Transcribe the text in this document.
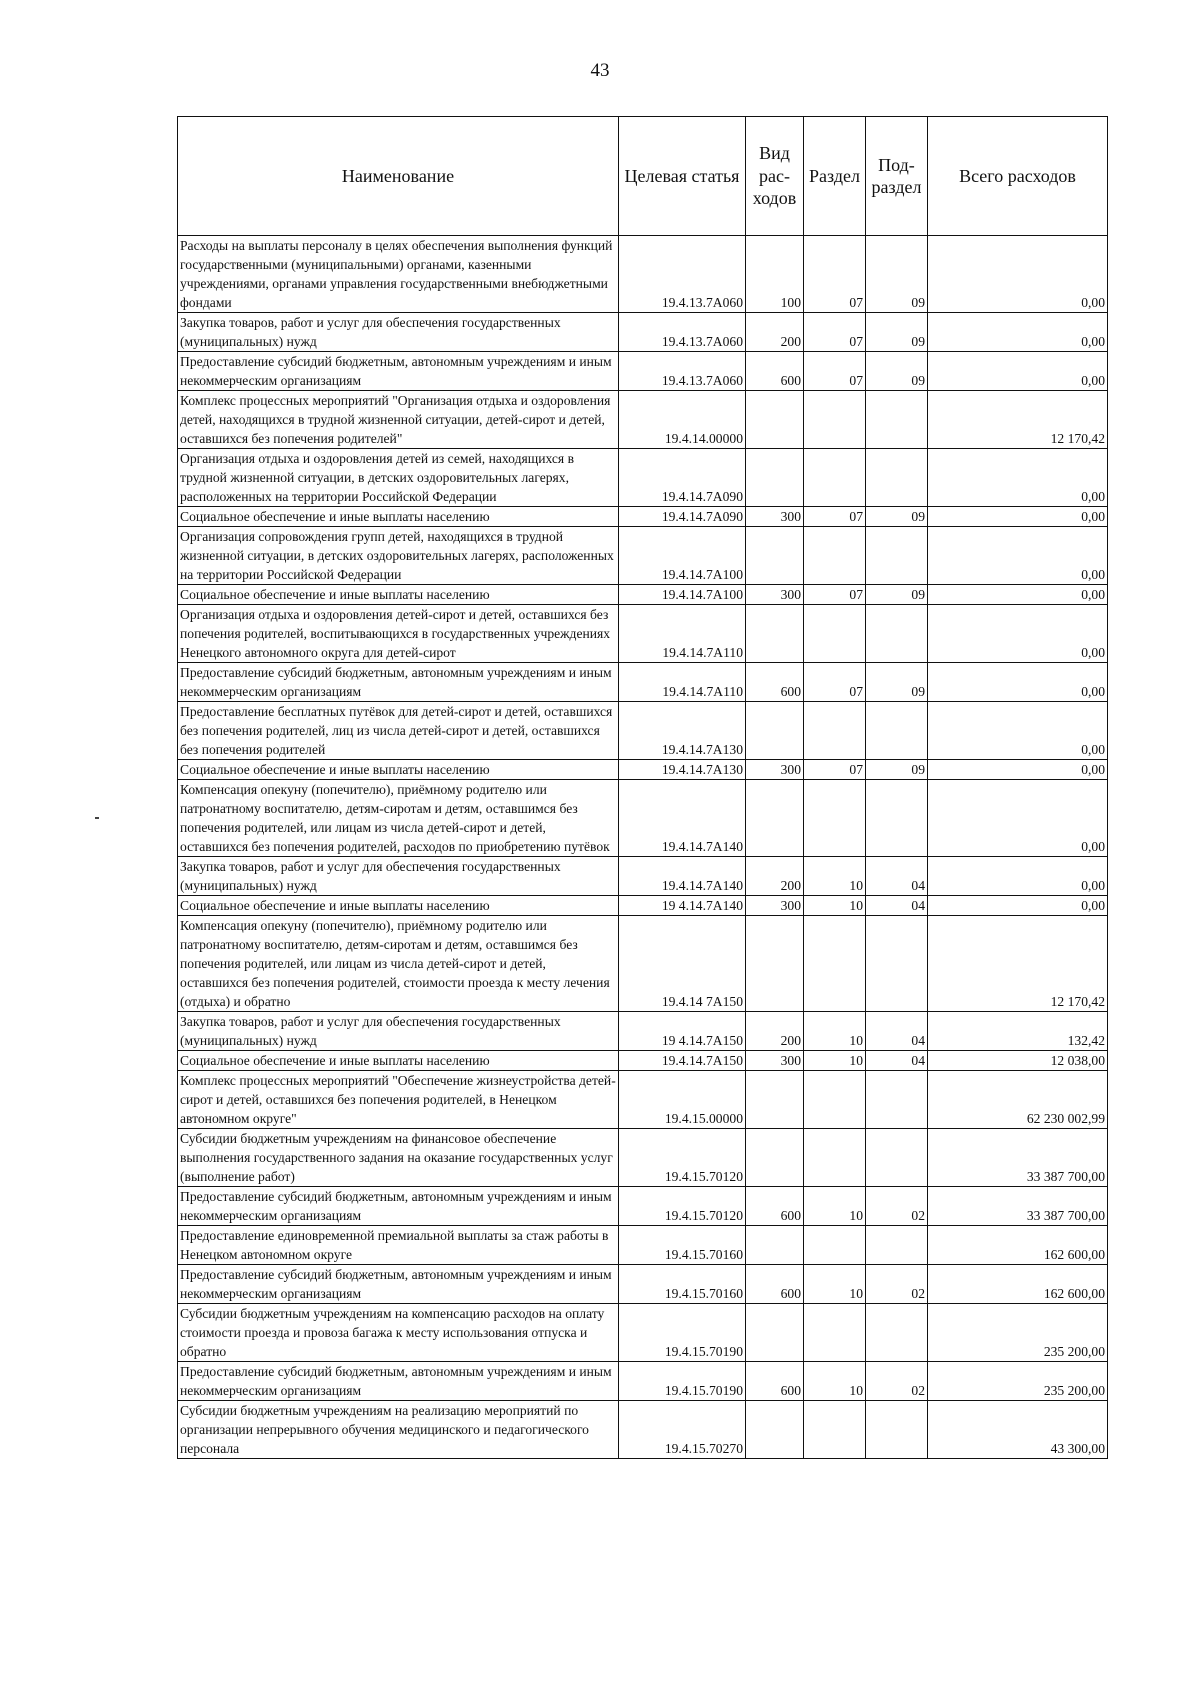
43
Наименование	Целевая статья	Вид рас-ходов	Раздел	Под-раздел	Всего расходов
Расходы на выплаты персоналу в целях обеспечения выполнения функций государственными (муниципальными) органами, казенными учреждениями, органами управления государственными внебюджетными фондами	19.4.13.7А060	100	07	09	0,00
Закупка товаров, работ и услуг для обеспечения государственных (муниципальных) нужд	19.4.13.7А060	200	07	09	0,00
Предоставление субсидий бюджетным, автономным учреждениям и иным некоммерческим организациям	19.4.13.7А060	600	07	09	0,00
Комплекс процессных мероприятий "Организация отдыха и оздоровления детей, находящихся в трудной жизненной ситуации, детей-сирот и детей, оставшихся без попечения родителей"	19.4.14.00000				12 170,42
Организация отдыха и оздоровления детей из семей, находящихся в трудной жизненной ситуации, в детских оздоровительных лагерях, расположенных на территории Российской Федерации	19.4.14.7А090				0,00
Социальное обеспечение и иные выплаты населению	19.4.14.7А090	300	07	09	0,00
Организация сопровождения групп детей, находящихся в трудной жизненной ситуации, в детских оздоровительных лагерях, расположенных на территории Российской Федерации	19.4.14.7А100				0,00
Социальное обеспечение и иные выплаты населению	19.4.14.7А100	300	07	09	0,00
Организация отдыха и оздоровления детей-сирот и детей, оставшихся без попечения родителей, воспитывающихся в государственных учреждениях Ненецкого автономного округа для детей-сирот	19.4.14.7А110				0,00
Предоставление субсидий бюджетным, автономным учреждениям и иным некоммерческим организациям	19.4.14.7А110	600	07	09	0,00
Предоставление бесплатных путёвок для детей-сирот и детей, оставшихся без попечения родителей, лиц из числа детей-сирот и детей, оставшихся без попечения родителей	19.4.14.7А130				0,00
Социальное обеспечение и иные выплаты населению	19.4.14.7А130	300	07	09	0,00
Компенсация опекуну (попечителю), приёмному родителю или патронатному воспитателю, детям-сиротам и детям, оставшимся без попечения родителей, или лицам из числа детей-сирот и детей, оставшихся без попечения родителей, расходов по приобретению путёвок	19.4.14.7А140				0,00
Закупка товаров, работ и услуг для обеспечения государственных (муниципальных) нужд	19.4.14.7А140	200	10	04	0,00
Социальное обеспечение и иные выплаты населению	19 4.14.7А140	300	10	04	0,00
Компенсация опекуну (попечителю), приёмному родителю или патронатному воспитателю, детям-сиротам и детям, оставшимся без попечения родителей, или лицам из числа детей-сирот и детей, оставшихся без попечения родителей, стоимости проезда к месту лечения (отдыха) и обратно	19.4.14 7А150				12 170,42
Закупка товаров, работ и услуг для обеспечения государственных (муниципальных) нужд	19 4.14.7А150	200	10	04	132,42
Социальное обеспечение и иные выплаты населению	19.4.14.7А150	300	10	04	12 038,00
Комплекс процессных мероприятий "Обеспечение жизнеустройства детей-сирот и детей, оставшихся без попечения родителей, в Ненецком автономном округе"	19.4.15.00000				62 230 002,99
Субсидии бюджетным учреждениям на финансовое обеспечение выполнения государственного задания на оказание государственных услуг (выполнение работ)	19.4.15.70120				33 387 700,00
Предоставление субсидий бюджетным, автономным учреждениям и иным некоммерческим организациям	19.4.15.70120	600	10	02	33 387 700,00
Предоставление единовременной премиальной выплаты за стаж работы в Ненецком автономном округе	19.4.15.70160				162 600,00
Предоставление субсидий бюджетным, автономным учреждениям и иным некоммерческим организациям	19.4.15.70160	600	10	02	162 600,00
Субсидии бюджетным учреждениям на компенсацию расходов на оплату стоимости проезда и провоза багажа к месту использования отпуска и обратно	19.4.15.70190				235 200,00
Предоставление субсидий бюджетным, автономным учреждениям и иным некоммерческим организациям	19.4.15.70190	600	10	02	235 200,00
Субсидии бюджетным учреждениям на реализацию мероприятий по организации непрерывного обучения медицинского и педагогического персонала	19.4.15.70270				43 300,00
